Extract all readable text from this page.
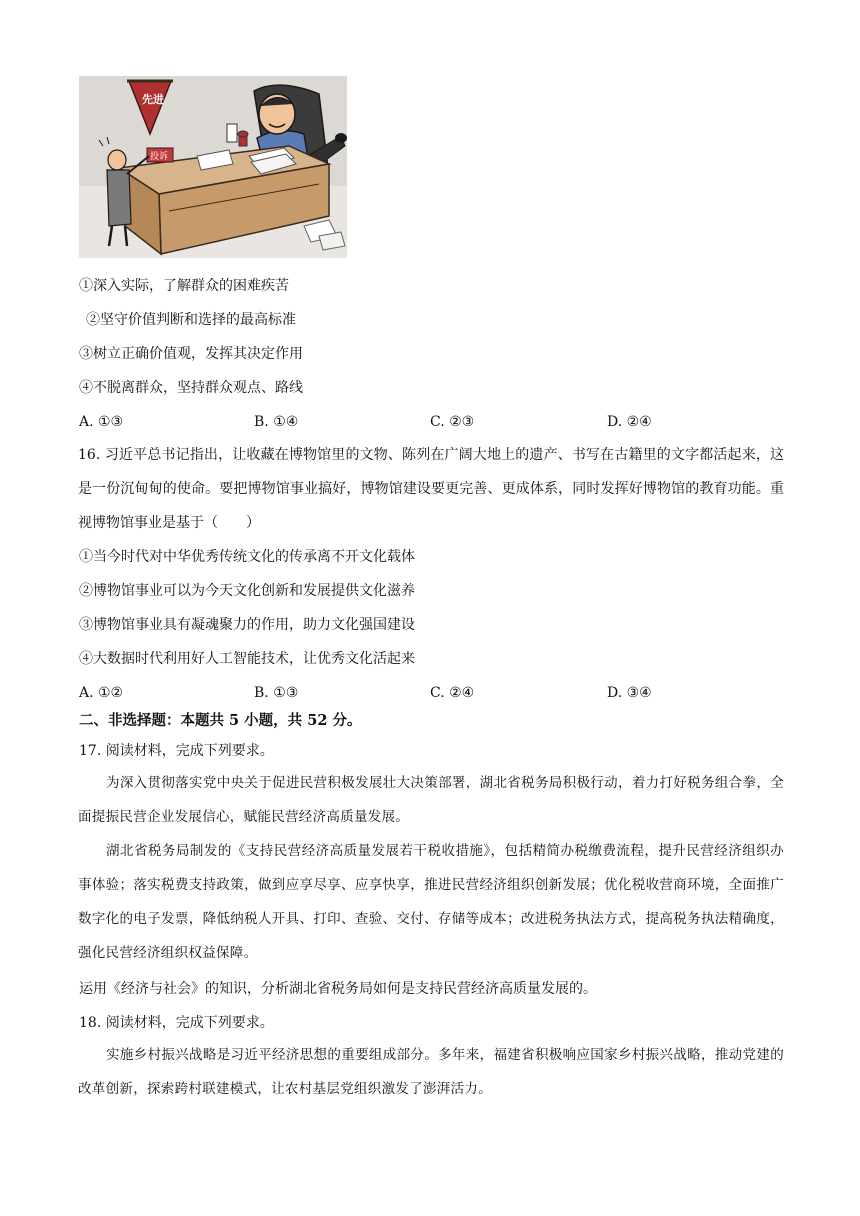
先进
投诉
①深入实际，了解群众的困难疾苦
②坚守价值判断和选择的最高标准
③树立正确价值观，发挥其决定作用
④不脱离群众，坚持群众观点、路线
A. ①③	B. ①④	C. ②③	D. ②④
16. 习近平总书记指出，让收藏在博物馆里的文物、陈列在广阔大地上的遗产、书写在古籍里的文字都活起来，这是一份沉甸甸的使命。要把博物馆事业搞好，博物馆建设要更完善、更成体系，同时发挥好博物馆的教育功能。重视博物馆事业是基于（　　）
①当今时代对中华优秀传统文化的传承离不开文化载体
②博物馆事业可以为今天文化创新和发展提供文化滋养
③博物馆事业具有凝魂聚力的作用，助力文化强国建设
④大数据时代利用好人工智能技术，让优秀文化活起来
A. ①②	B. ①③	C. ②④	D. ③④
二、非选择题：本题共 5 小题，共 52 分。
17. 阅读材料，完成下列要求。
为深入贯彻落实党中央关于促进民营积极发展壮大决策部署，湖北省税务局积极行动，着力打好税务组合拳，全面提振民营企业发展信心，赋能民营经济高质量发展。
湖北省税务局制发的《支持民营经济高质量发展若干税收措施》，包括精简办税缴费流程，提升民营经济组织办事体验；落实税费支持政策，做到应享尽享、应享快享，推进民营经济组织创新发展；优化税收营商环境，全面推广数字化的电子发票，降低纳税人开具、打印、查验、交付、存储等成本；改进税务执法方式，提高税务执法精确度，强化民营经济组织权益保障。
运用《经济与社会》的知识，分析湖北省税务局如何是支持民营经济高质量发展的。
18. 阅读材料，完成下列要求。
实施乡村振兴战略是习近平经济思想的重要组成部分。多年来，福建省积极响应国家乡村振兴战略，推动党建的改革创新，探索跨村联建模式，让农村基层党组织激发了澎湃活力。
